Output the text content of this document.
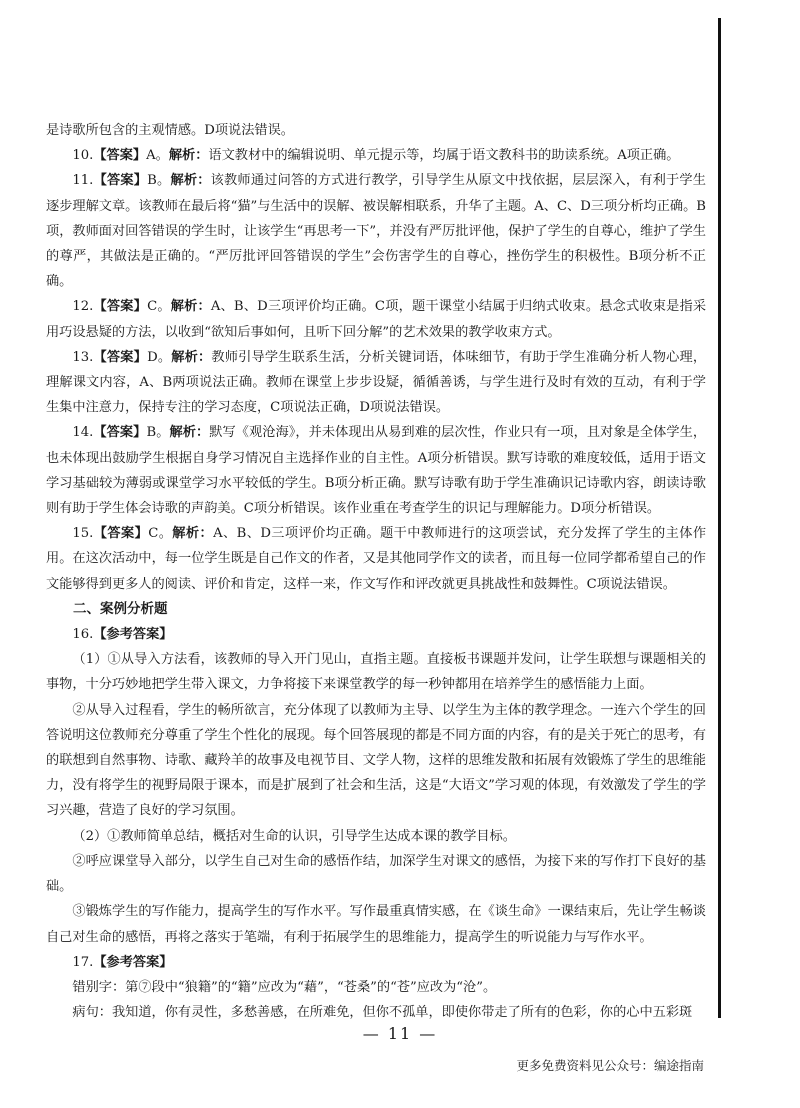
是诗歌所包含的主观情感。D项说法错误。

10.【答案】A。解析：语文教材中的编辑说明、单元提示等，均属于语文教科书的助读系统。A项正确。

11.【答案】B。解析：该教师通过问答的方式进行教学，引导学生从原文中找依据，层层深入，有利于学生逐步理解文章。该教师在最后将“猫”与生活中的误解、被误解相联系，升华了主题。A、C、D三项分析均正确。B项，教师面对回答错误的学生时，让该学生“再思考一下”，并没有严厉批评他，保护了学生的自尊心，维护了学生的尊严，其做法是正确的。“严厉批评回答错误的学生”会伤害学生的自尊心，挫伤学生的积极性。B项分析不正确。

12.【答案】C。解析：A、B、D三项评价均正确。C项，题干课堂小结属于归纳式收束。悬念式收束是指采用巧设悬疑的方法，以收到“欲知后事如何，且听下回分解”的艺术效果的教学收束方式。

13.【答案】D。解析：教师引导学生联系生活，分析关键词语，体味细节，有助于学生准确分析人物心理，理解课文内容，A、B两项说法正确。教师在课堂上步步设疑，循循善诱，与学生进行及时有效的互动，有利于学生集中注意力，保持专注的学习态度，C项说法正确，D项说法错误。

14.【答案】B。解析：默写《观沧海》，并未体现出从易到难的层次性，作业只有一项，且对象是全体学生，也未体现出鼓励学生根据自身学习情况自主选择作业的自主性。A项分析错误。默写诗歌的难度较低，适用于语文学习基础较为薄弱或课堂学习水平较低的学生。B项分析正确。默写诗歌有助于学生准确识记诗歌内容，朗读诗歌则有助于学生体会诗歌的声韵美。C项分析错误。该作业重在考查学生的识记与理解能力。D项分析错误。

15.【答案】C。解析：A、B、D三项评价均正确。题干中教师进行的这项尝试，充分发挥了学生的主体作用。在这次活动中，每一位学生既是自己作文的作者，又是其他同学作文的读者，而且每一位同学都希望自己的作文能够得到更多人的阅读、评价和肯定，这样一来，作文写作和评改就更具挑战性和鼓舞性。C项说法错误。

二、案例分析题

16.【参考答案】

（1）①从导入方法看，该教师的导入开门见山，直指主题。直接板书课题并发问，让学生联想与课题相关的事物，十分巧妙地把学生带入课文，力争将接下来课堂教学的每一秒钟都用在培养学生的感悟能力上面。

②从导入过程看，学生的畅所欲言，充分体现了以教师为主导、以学生为主体的教学理念。一连六个学生的回答说明这位教师充分尊重了学生个性化的展现。每个回答展现的都是不同方面的内容，有的是关于死亡的思考，有的联想到自然事物、诗歌、藏羚羊的故事及电视节目、文学人物，这样的思维发散和拓展有效锻炼了学生的思维能力，没有将学生的视野局限于课本，而是扩展到了社会和生活，这是“大语文”学习观的体现，有效激发了学生的学习兴趣，营造了良好的学习氛围。

（2）①教师简单总结，概括对生命的认识，引导学生达成本课的教学目标。

②呼应课堂导入部分，以学生自己对生命的感悟作结，加深学生对课文的感悟，为接下来的写作打下良好的基础。

③锻炼学生的写作能力，提高学生的写作水平。写作最重真情实感，在《谈生命》一课结束后，先让学生畅谈自己对生命的感悟，再将之落实于笔端，有利于拓展学生的思维能力，提高学生的听说能力与写作水平。

17.【参考答案】

错别字：第⑦段中“狼籍”的“籍”应改为“藉”，“苍桑”的“苍”应改为“沧”。

病句：我知道，你有灵性，多愁善感，在所难免，但你不孤单，即使你带走了所有的色彩，你的心中五彩斑

— 11 —
更多免费资料见公众号：编途指南
